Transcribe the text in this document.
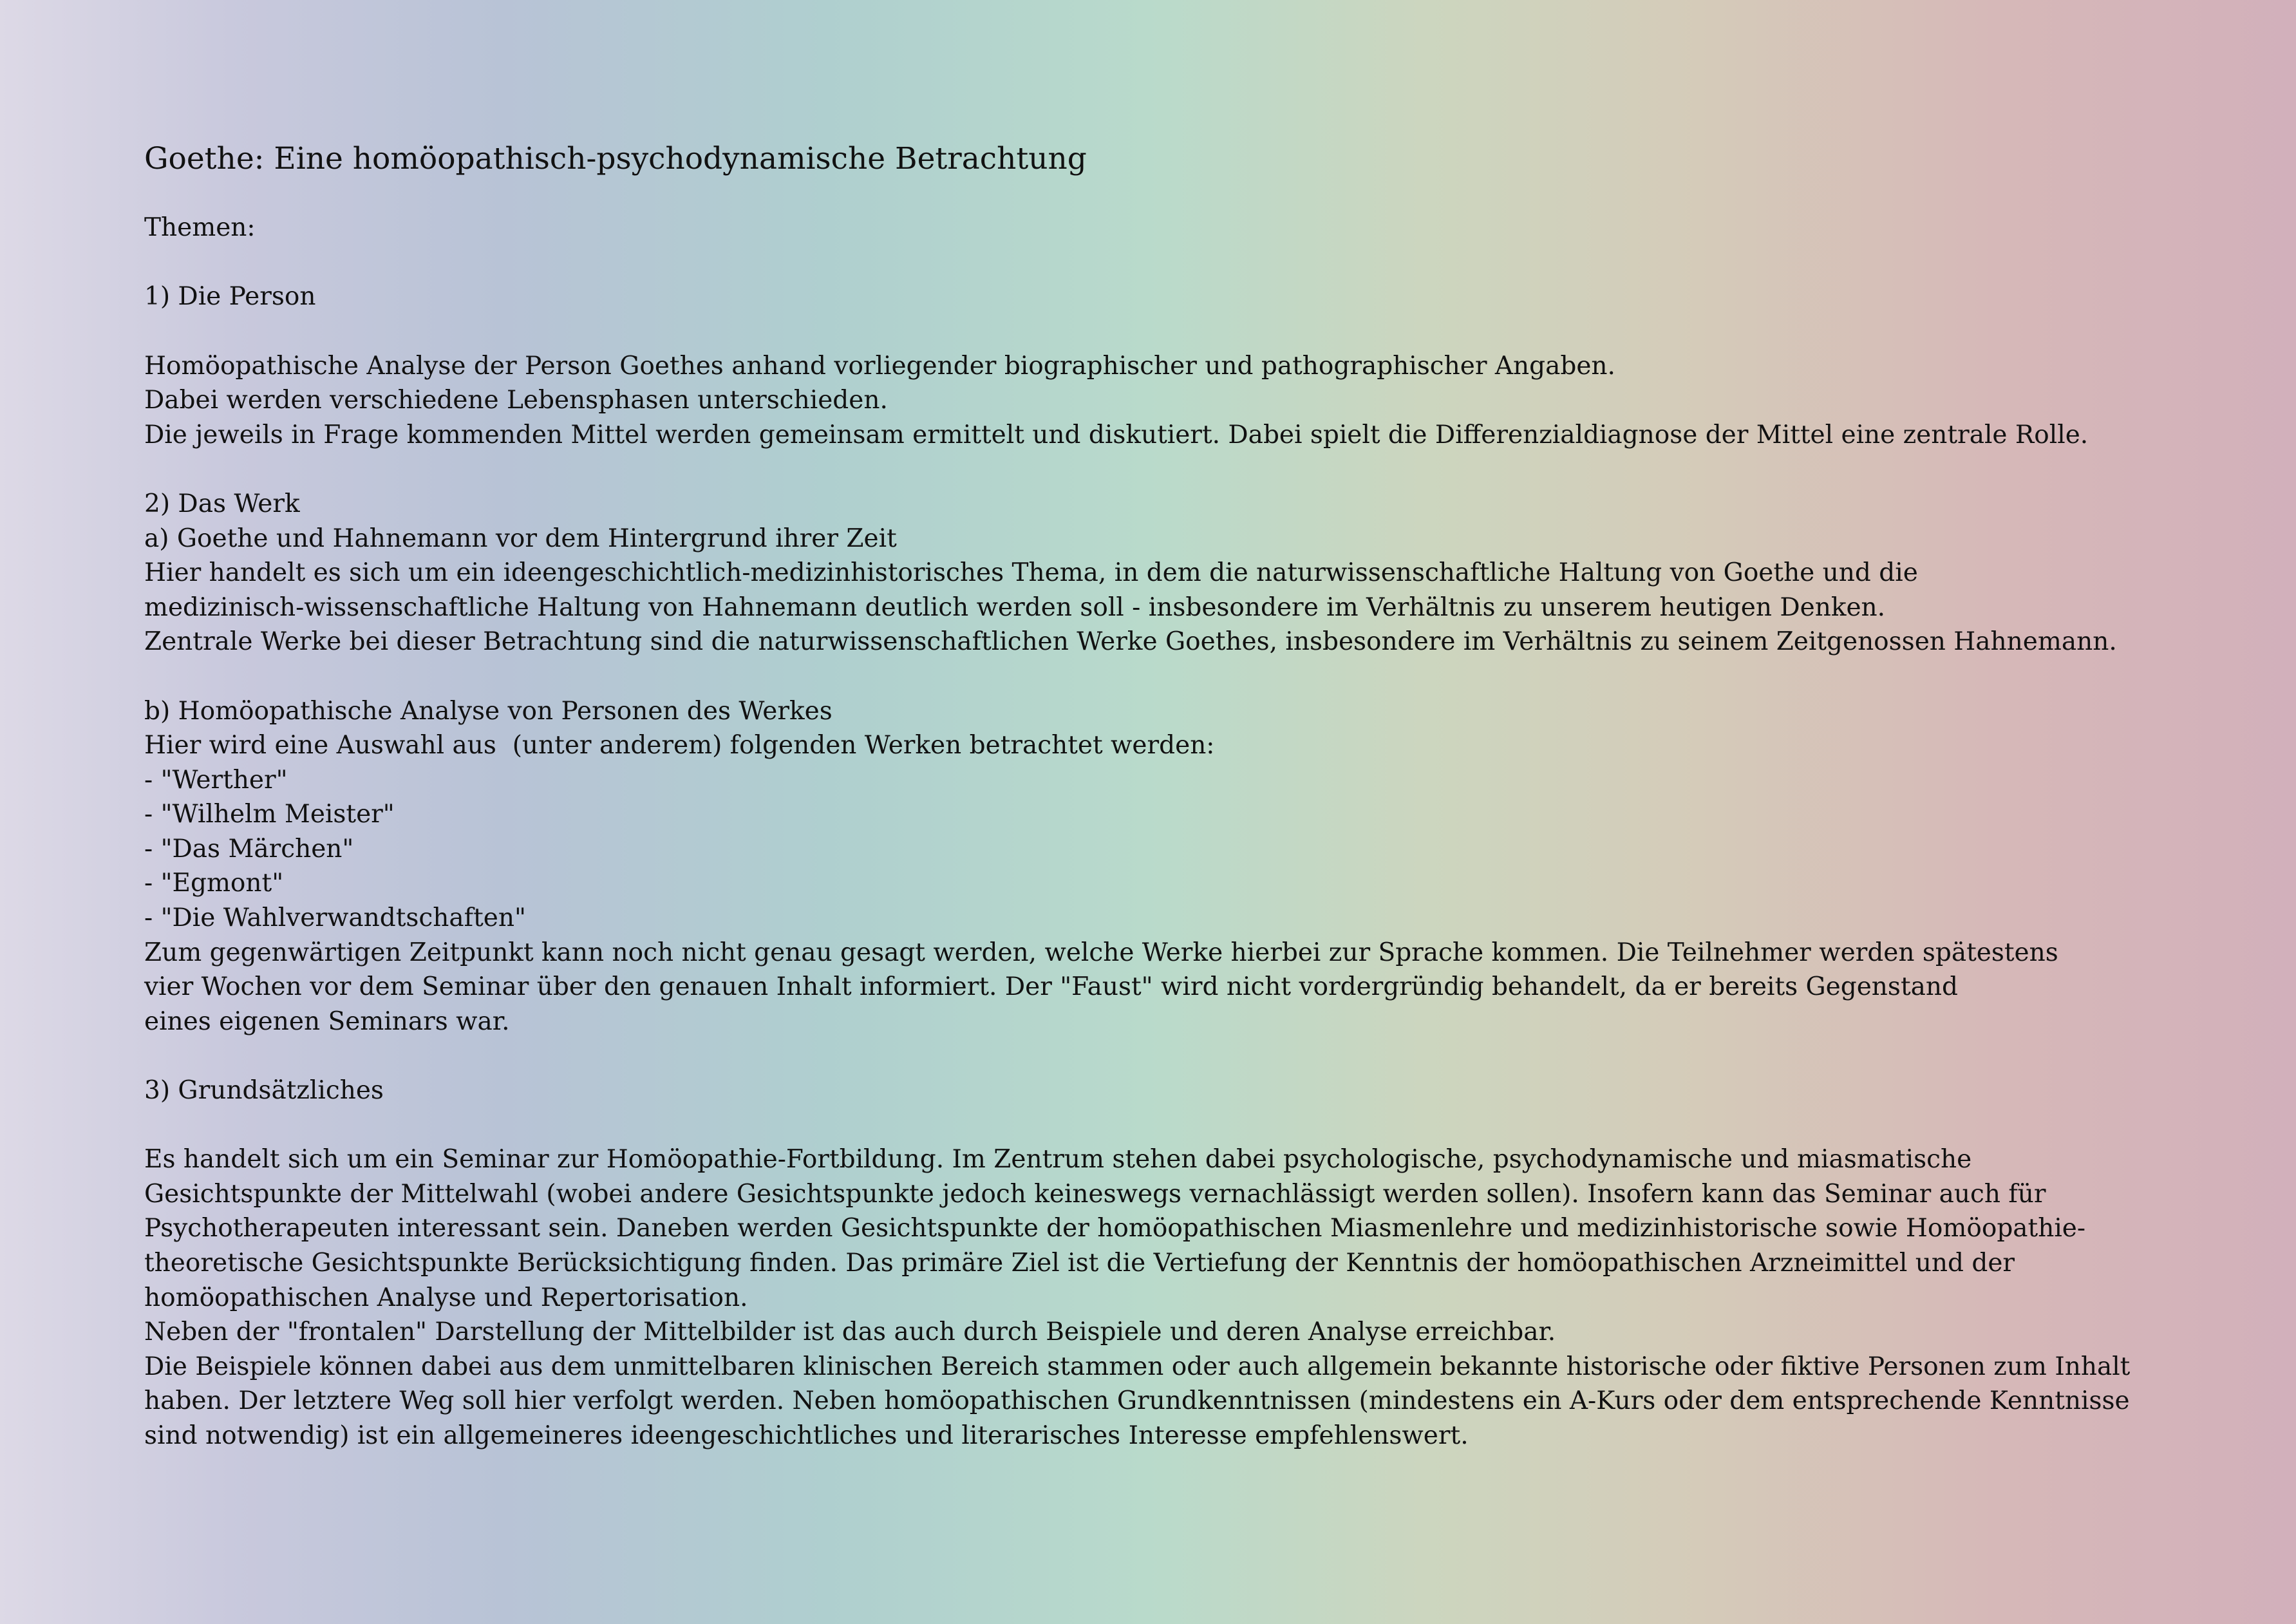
Goethe: Eine homöopathisch-psychodynamische Betrachtung
Themen:
1) Die Person
Homöopathische Analyse der Person Goethes anhand vorliegender biographischer und pathographischer Angaben.
Dabei werden verschiedene Lebensphasen unterschieden.
Die jeweils in Frage kommenden Mittel werden gemeinsam ermittelt und diskutiert. Dabei spielt die Differenzialdiagnose der Mittel eine zentrale Rolle.
2) Das Werk
a) Goethe und Hahnemann vor dem Hintergrund ihrer Zeit
Hier handelt es sich um ein ideengeschichtlich-medizinhistorisches Thema, in dem die naturwissenschaftliche Haltung von Goethe und die
medizinisch-wissenschaftliche Haltung von Hahnemann deutlich werden soll - insbesondere im Verhältnis zu unserem heutigen Denken.
Zentrale Werke bei dieser Betrachtung sind die naturwissenschaftlichen Werke Goethes, insbesondere im Verhältnis zu seinem Zeitgenossen Hahnemann.
b) Homöopathische Analyse von Personen des Werkes
Hier wird eine Auswahl aus  (unter anderem) folgenden Werken betrachtet werden:
- "Werther"
- "Wilhelm Meister"
- "Das Märchen"
- "Egmont"
- "Die Wahlverwandtschaften"
Zum gegenwärtigen Zeitpunkt kann noch nicht genau gesagt werden, welche Werke hierbei zur Sprache kommen. Die Teilnehmer werden spätestens
vier Wochen vor dem Seminar über den genauen Inhalt informiert. Der "Faust" wird nicht vordergründig behandelt, da er bereits Gegenstand
eines eigenen Seminars war.
3) Grundsätzliches
Es handelt sich um ein Seminar zur Homöopathie-Fortbildung. Im Zentrum stehen dabei psychologische, psychodynamische und miasmatische
Gesichtspunkte der Mittelwahl (wobei andere Gesichtspunkte jedoch keineswegs vernachlässigt werden sollen). Insofern kann das Seminar auch für
Psychotherapeuten interessant sein. Daneben werden Gesichtspunkte der homöopathischen Miasmenlehre und medizinhistorische sowie Homöopathie-
theoretische Gesichtspunkte Berücksichtigung finden. Das primäre Ziel ist die Vertiefung der Kenntnis der homöopathischen Arzneimittel und der
homöopathischen Analyse und Repertorisation.
Neben der "frontalen" Darstellung der Mittelbilder ist das auch durch Beispiele und deren Analyse erreichbar.
Die Beispiele können dabei aus dem unmittelbaren klinischen Bereich stammen oder auch allgemein bekannte historische oder fiktive Personen zum Inhalt
haben. Der letztere Weg soll hier verfolgt werden. Neben homöopathischen Grundkenntnissen (mindestens ein A-Kurs oder dem entsprechende Kenntnisse
sind notwendig) ist ein allgemeineres ideengeschichtliches und literarisches Interesse empfehlenswert.
